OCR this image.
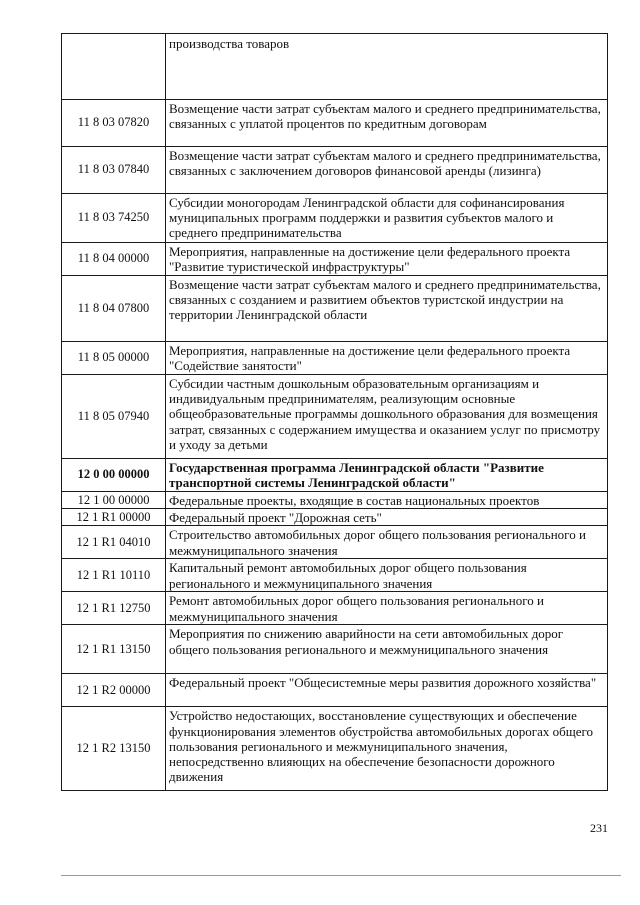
	производства товаров
11 8 03 07820	Возмещение части затрат субъектам малого и среднего предпринимательства, связанных с уплатой процентов по кредитным договорам
11 8 03 07840	Возмещение части затрат субъектам малого и среднего предпринимательства, связанных с заключением договоров финансовой аренды (лизинга)
11 8 03 74250	Субсидии моногородам Ленинградской области для софинансирования муниципальных программ поддержки и развития субъектов малого и среднего предпринимательства
11 8 04 00000	Мероприятия, направленные на достижение цели федерального проекта "Развитие туристической инфраструктуры"
11 8 04 07800	Возмещение части затрат субъектам малого и среднего предпринимательства, связанных с созданием и развитием объектов туристской индустрии на территории Ленинградской области
11 8 05 00000	Мероприятия, направленные на достижение цели федерального проекта "Содействие занятости"
11 8 05 07940	Субсидии частным дошкольным образовательным организациям и индивидуальным предпринимателям, реализующим основные общеобразовательные программы дошкольного образования для возмещения затрат, связанных с содержанием имущества и оказанием услуг по присмотру и уходу за детьми
12 0 00 00000	Государственная программа Ленинградской области "Развитие транспортной системы Ленинградской области"
12 1 00 00000	Федеральные проекты, входящие в состав национальных проектов
12 1 R1 00000	Федеральный проект "Дорожная сеть"
12 1 R1 04010	Строительство автомобильных дорог общего пользования регионального и межмуниципального значения
12 1 R1 10110	Капитальный ремонт автомобильных дорог общего пользования регионального и межмуниципального значения
12 1 R1 12750	Ремонт автомобильных дорог общего пользования регионального и межмуниципального значения
12 1 R1 13150	Мероприятия по снижению аварийности на сети автомобильных дорог общего пользования регионального и межмуниципального значения
12 1 R2 00000	Федеральный проект "Общесистемные меры развития дорожного хозяйства"
12 1 R2 13150	Устройство недостающих, восстановление существующих и обеспечение функционирования элементов обустройства автомобильных дорогах общего пользования регионального и межмуниципального значения, непосредственно влияющих на обеспечение безопасности дорожного движения
231
